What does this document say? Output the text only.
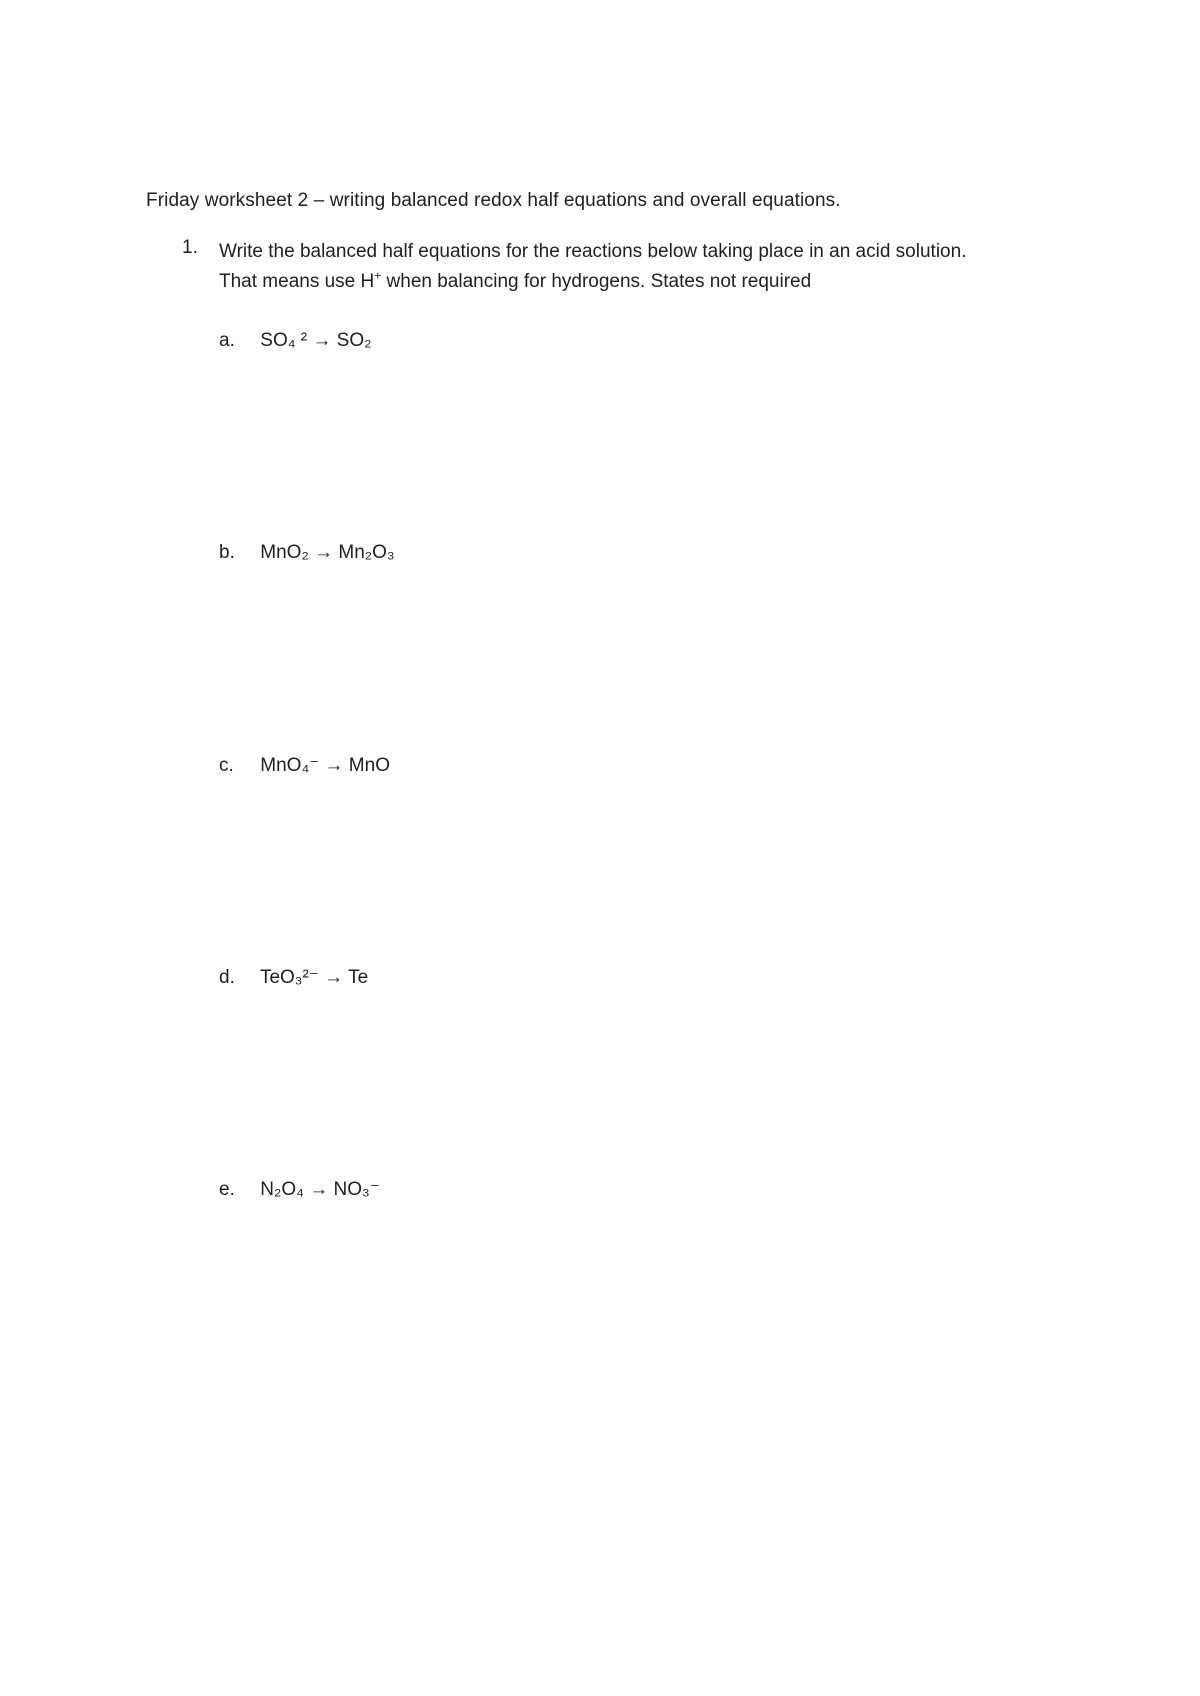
Friday worksheet 2 – writing balanced redox half equations and overall equations.
1. Write the balanced half equations for the reactions below taking place in an acid solution.
That means use H+ when balancing for hydrogens. States not required
a. SO₄ ² → SO₂
b. MnO₂ → Mn₂O₃
c. MnO₄⁻ → MnO
d. TeO₃²⁻ → Te
e. N₂O₄ → NO₃⁻
